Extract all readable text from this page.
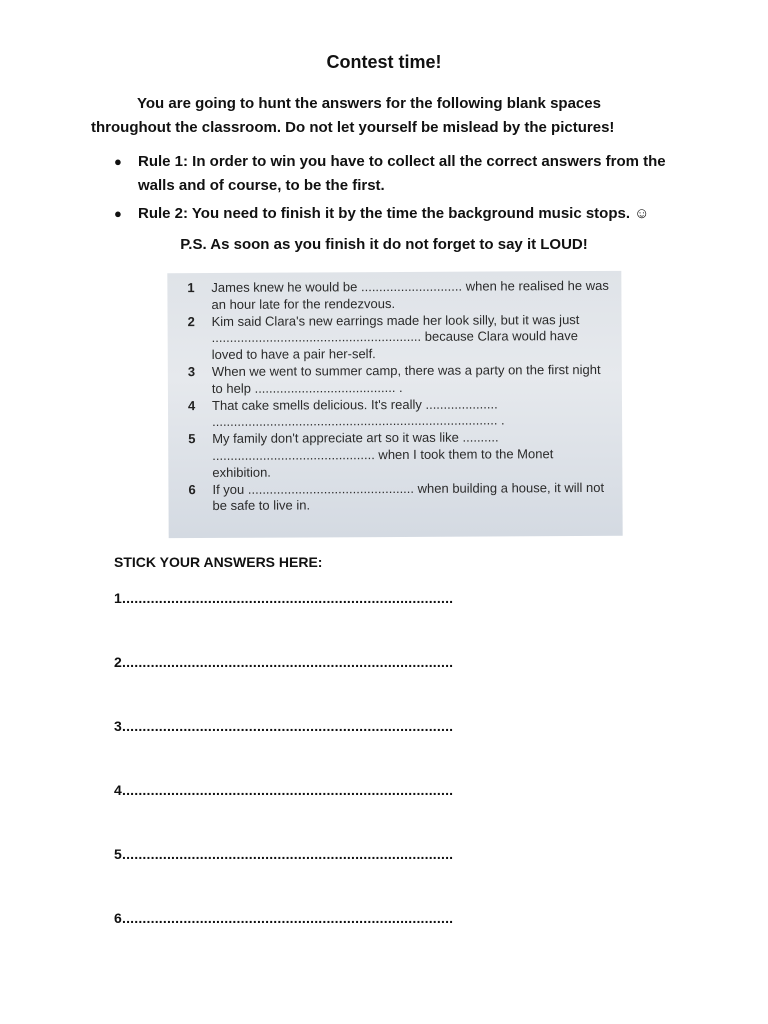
Contest time!
You are going to hunt the answers for the following blank spaces
throughout the classroom. Do not let yourself be mislead by the pictures!
● Rule 1: In order to win you have to collect all the correct answers from the walls and of course, to be the first.
● Rule 2: You need to finish it by the time the background music stops. ☺
P.S. As soon as you finish it do not forget to say it LOUD!
1	James knew he would be ............................ when he realised he was an hour late for the rendezvous.
2	Kim said Clara's new earrings made her look silly, but it was just .......................................................... because Clara would have loved to have a pair her-self.
3	When we went to summer camp, there was a party on the first night to help ....................................... .
4	That cake smells delicious. It's really .................... ............................................................................... .
5	My family don't appreciate art so it was like .......... ............................................. when I took them to the Monet exhibition.
6	If you .............................................. when building a house, it will not be safe to live in.
STICK YOUR ANSWERS HERE:
1.................................................................................
2.................................................................................
3.................................................................................
4.................................................................................
5.................................................................................
6.................................................................................
